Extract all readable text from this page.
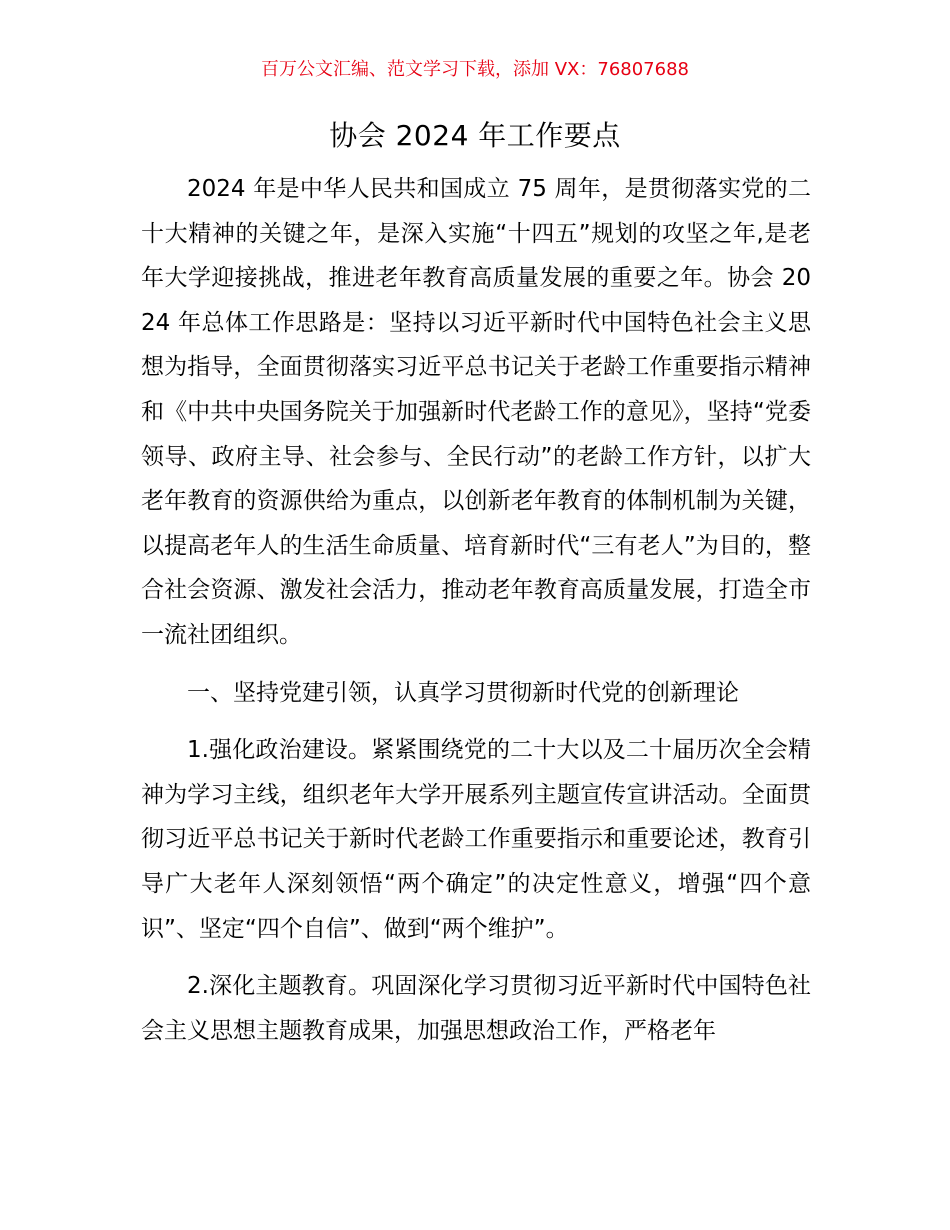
百万公文汇编、范文学习下载，添加 VX：76807688
协会 2024 年工作要点

2024 年是中华人民共和国成立 75 周年，是贯彻落实党的二十大精神的关键之年，是深入实施“十四五”规划的攻坚之年,是老年大学迎接挑战，推进老年教育高质量发展的重要之年。协会 2024 年总体工作思路是：坚持以习近平新时代中国特色社会主义思想为指导，全面贯彻落实习近平总书记关于老龄工作重要指示精神和《中共中央国务院关于加强新时代老龄工作的意见》，坚持“党委领导、政府主导、社会参与、全民行动”的老龄工作方针，以扩大老年教育的资源供给为重点，以创新老年教育的体制机制为关键，以提高老年人的生活生命质量、培育新时代“三有老人”为目的，整合社会资源、激发社会活力，推动老年教育高质量发展，打造全市一流社团组织。

一、坚持党建引领，认真学习贯彻新时代党的创新理论

1.强化政治建设。紧紧围绕党的二十大以及二十届历次全会精神为学习主线，组织老年大学开展系列主题宣传宣讲活动。全面贯彻习近平总书记关于新时代老龄工作重要指示和重要论述，教育引导广大老年人深刻领悟“两个确定”的决定性意义，增强“四个意识”、坚定“四个自信”、做到“两个维护”。

2.深化主题教育。巩固深化学习贯彻习近平新时代中国特色社会主义思想主题教育成果，加强思想政治工作，严格老年
